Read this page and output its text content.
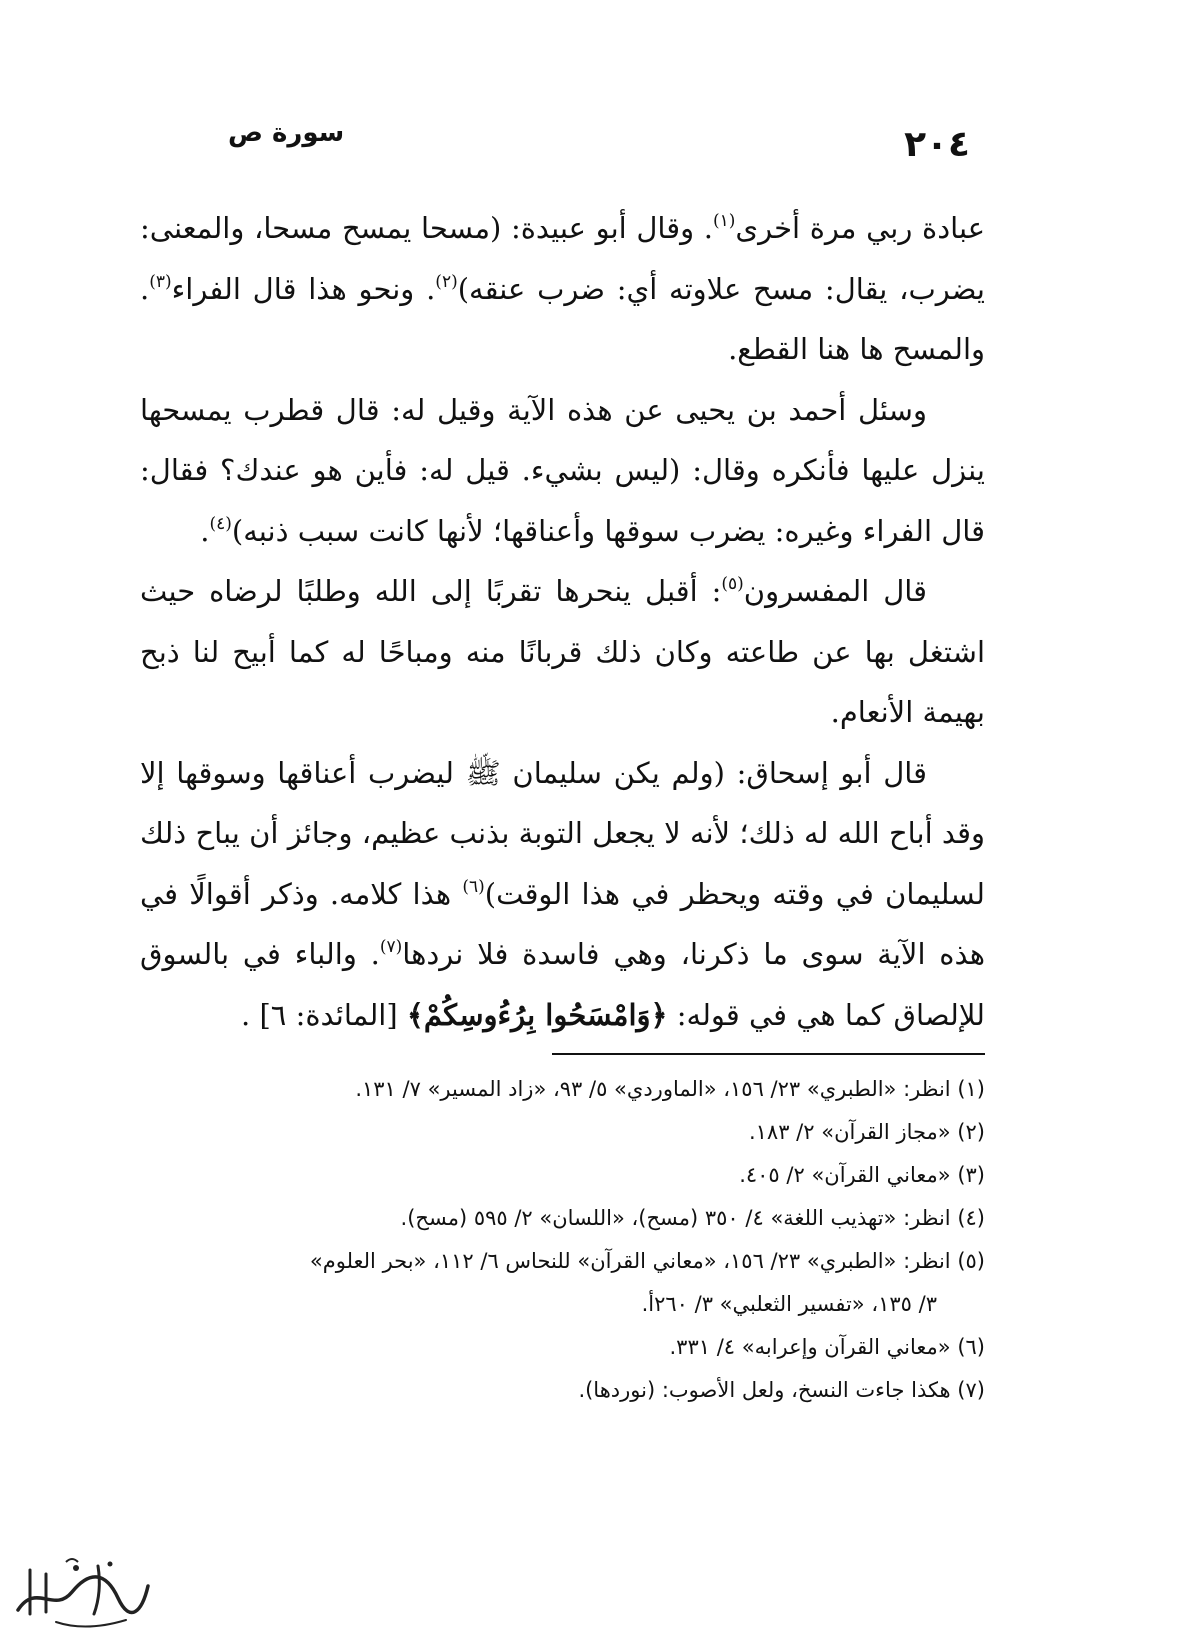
٢٠٤
سورة ص

عبادة ربي مرة أخرى$^{(١)}$. وقال أبو عبيدة: (مسحا يمسح مسحا، والمعنى: يضرب، يقال: مسح علاوته أي: ضرب عنقه)$^{(٢)}$. ونحو هذا قال الفراء$^{(٣)}$. والمسح ها هنا القطع.

وسئل أحمد بن يحيى عن هذه الآية وقيل له: قال قطرب يمسحها ينزل عليها فأنكره وقال: (ليس بشيء. قيل له: فأين هو عندك؟ فقال: قال الفراء وغيره: يضرب سوقها وأعناقها؛ لأنها كانت سبب ذنبه)$^{(٤)}$.

قال المفسرون$^{(٥)}$: أقبل ينحرها تقربًا إلى الله وطلبًا لرضاه حيث اشتغل بها عن طاعته وكان ذلك قربانًا منه ومباحًا له كما أبيح لنا ذبح بهيمة الأنعام.

قال أبو إسحاق: (ولم يكن سليمان ﷺ ليضرب أعناقها وسوقها إلا وقد أباح الله له ذلك؛ لأنه لا يجعل التوبة بذنب عظيم، وجائز أن يباح ذلك لسليمان في وقته ويحظر في هذا الوقت)$^{(٦)}$ هذا كلامه. وذكر أقوالًا في هذه الآية سوى ما ذكرنا، وهي فاسدة فلا نردها$^{(٧)}$. والباء في بالسوق للإلصاق كما هي في قوله: ﴿وَامْسَحُوا بِرُءُوسِكُمْ﴾ [المائدة: ٦] .

(١) انظر: «الطبري» ٢٣/ ١٥٦، «الماوردي» ٥/ ٩٣، «زاد المسير» ٧/ ١٣١.

(٢) «مجاز القرآن» ٢/ ١٨٣.

(٣) «معاني القرآن» ٢/ ٤٠٥.

(٤) انظر: «تهذيب اللغة» ٤/ ٣٥٠ (مسح)، «اللسان» ٢/ ٥٩٥ (مسح).

(٥) انظر: «الطبري» ٢٣/ ١٥٦، «معاني القرآن» للنحاس ٦/ ١١٢، «بحر العلوم»

٣/ ١٣٥، «تفسير الثعلبي» ٣/ ٢٦٠أ.

(٦) «معاني القرآن وإعرابه» ٤/ ٣٣١.

(٧) هكذا جاءت النسخ، ولعل الأصوب: (نوردها).
